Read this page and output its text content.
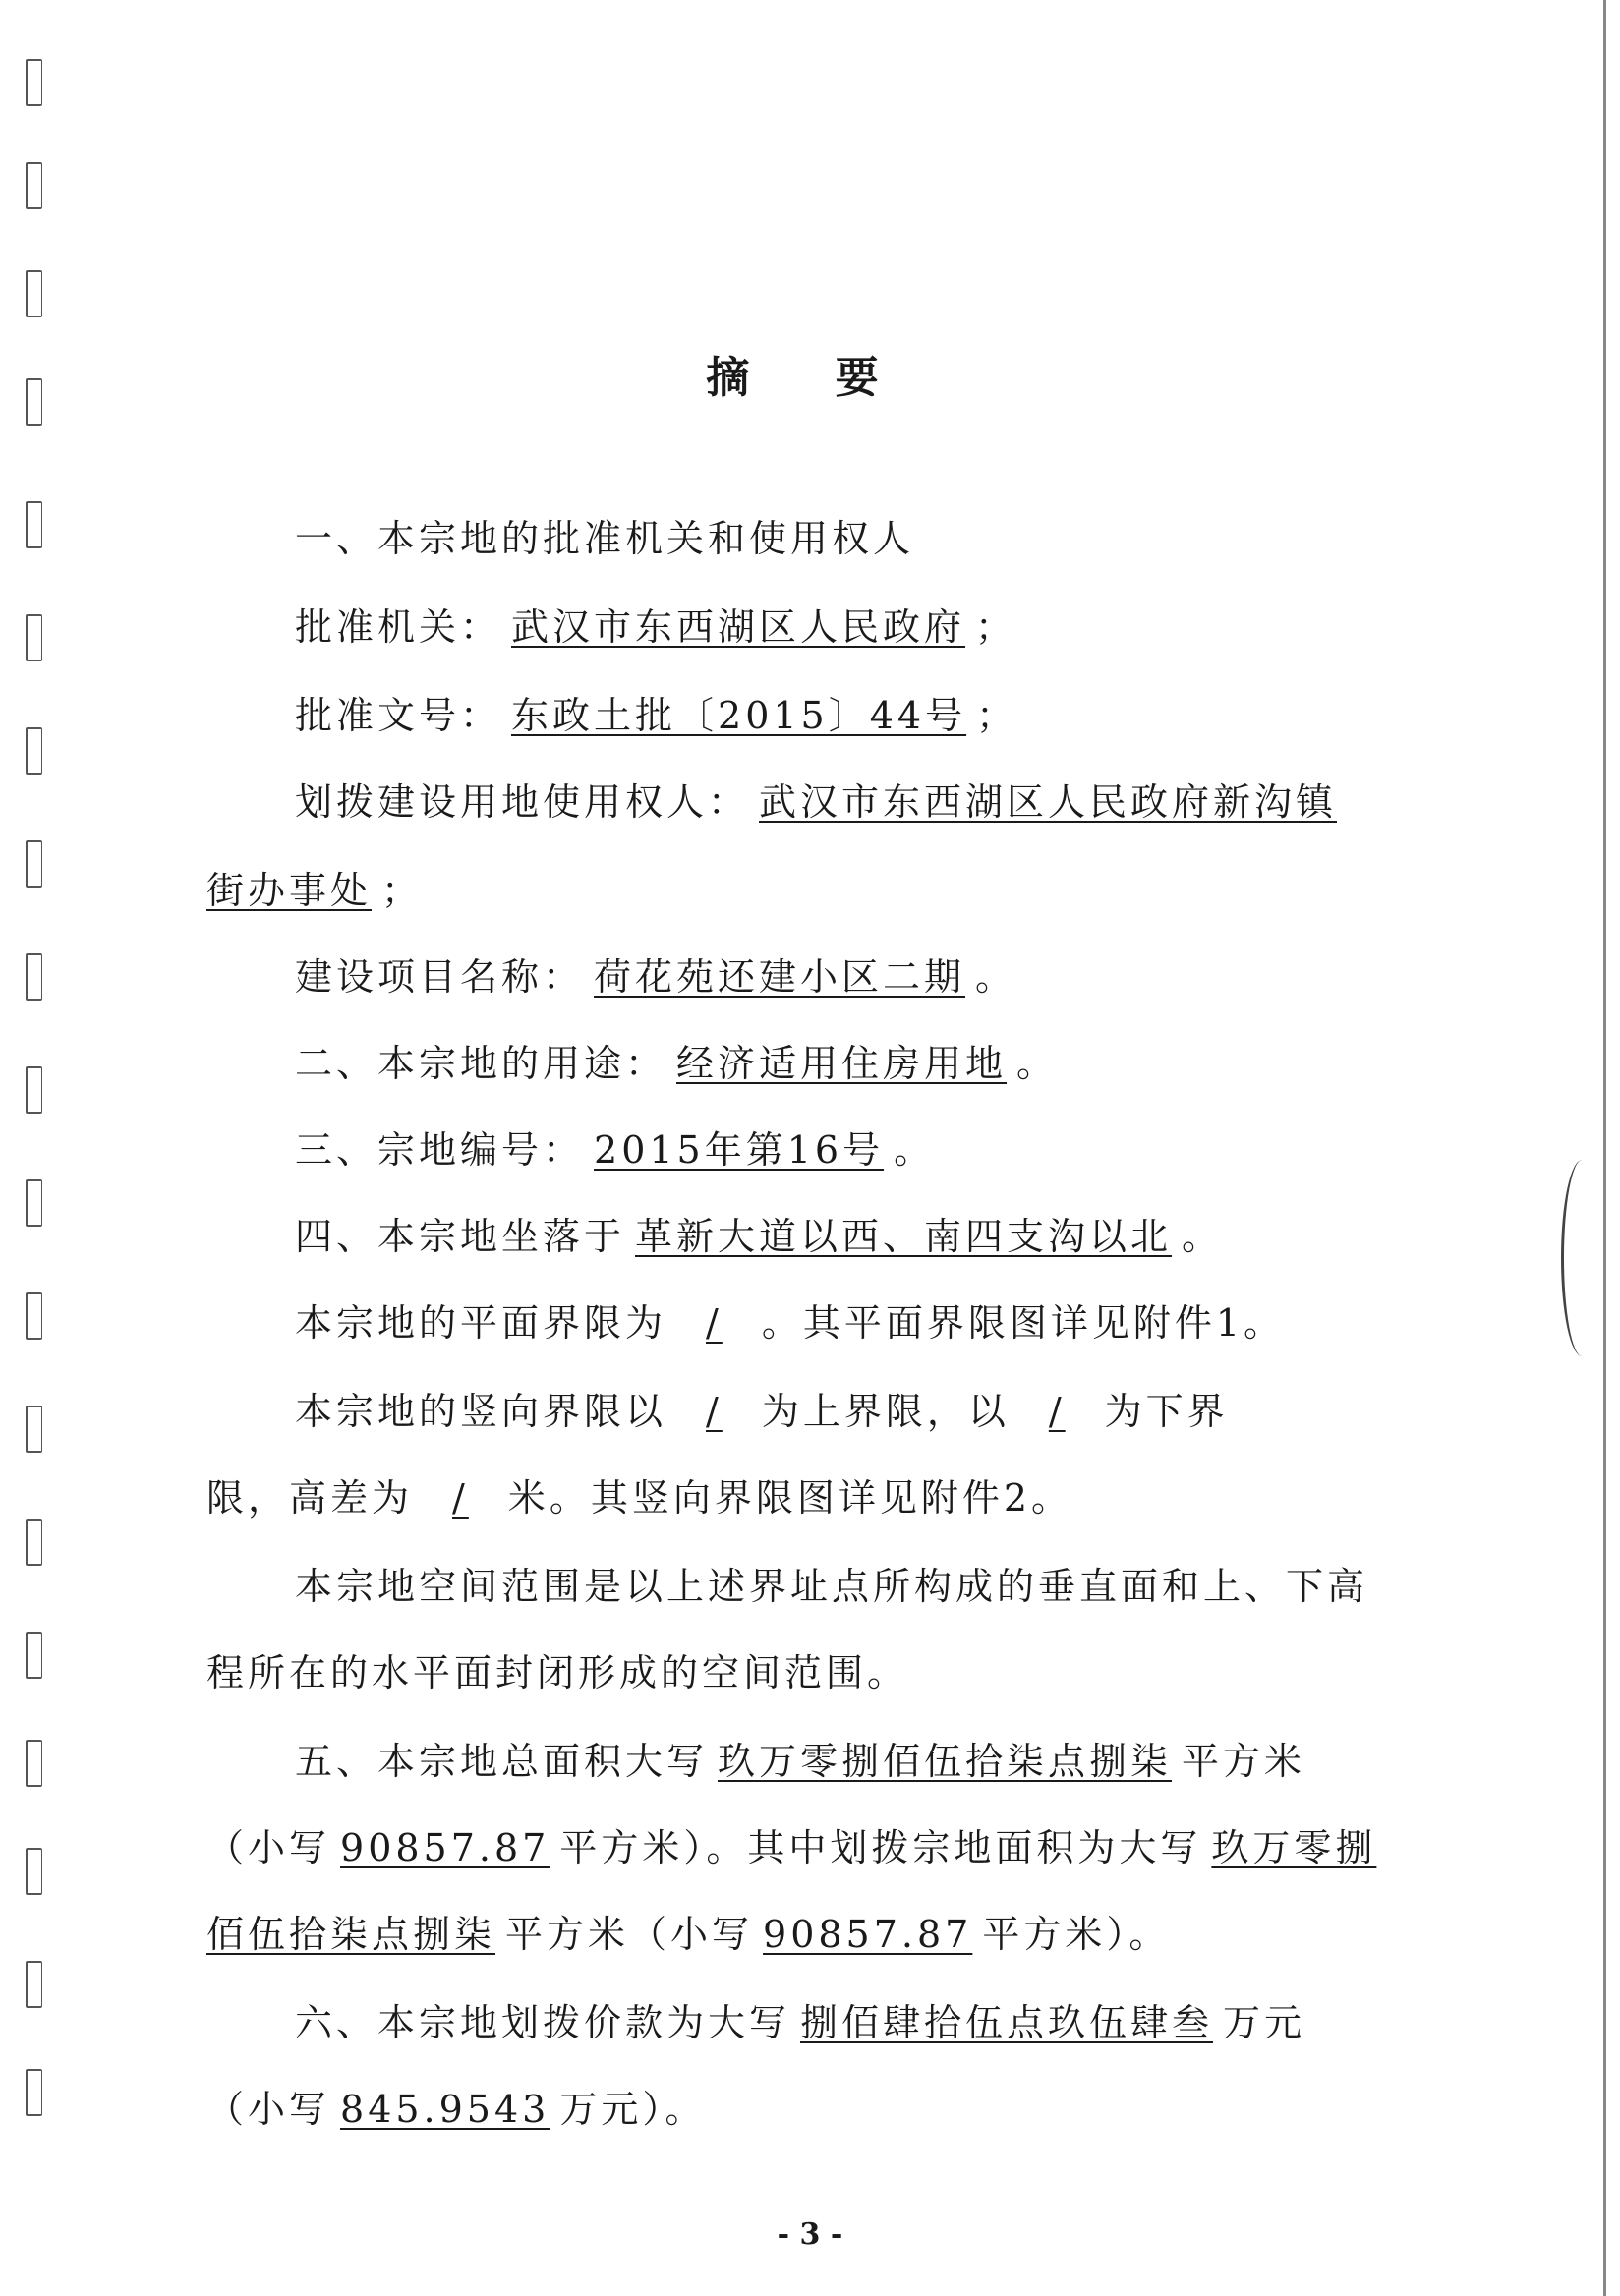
摘 要
一、本宗地的批准机关和使用权人
批准机关： 武汉市东西湖区人民政府 ；
批准文号： 东政土批〔2015〕44号 ；
划拨建设用地使用权人： 武汉市东西湖区人民政府新沟镇
街办事处 ；
建设项目名称： 荷花苑还建小区二期 。
二、本宗地的用途： 经济适用住房用地 。
三、宗地编号： 2015年第16号 。
四、本宗地坐落于 革新大道以西、南四支沟以北 。
本宗地的平面界限为 / 。其平面界限图详见附件1。
本宗地的竖向界限以 / 为上界限，以 / 为下界
限，高差为 / 米。其竖向界限图详见附件2。
本宗地空间范围是以上述界址点所构成的垂直面和上、下高
程所在的水平面封闭形成的空间范围。
五、本宗地总面积大写 玖万零捌佰伍拾柒点捌柒 平方米
（小写 90857.87 平方米）。其中划拨宗地面积为大写 玖万零捌
佰伍拾柒点捌柒 平方米（小写 90857.87 平方米）。
六、本宗地划拨价款为大写 捌佰肆拾伍点玖伍肆叁 万元
（小写 845.9543 万元）。
- 3 -
